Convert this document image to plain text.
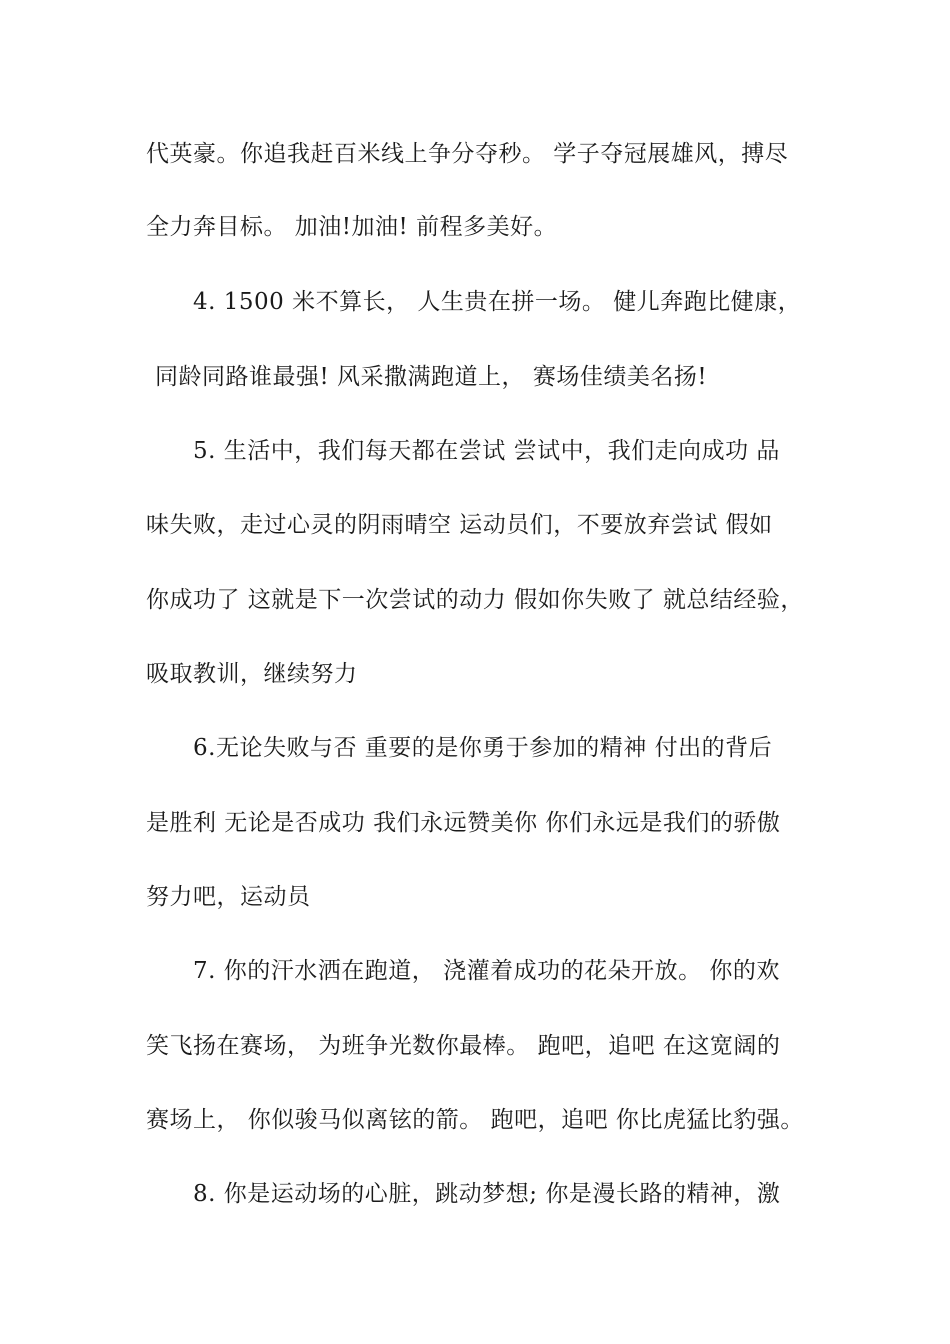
代英豪。你追我赶百米线上争分夺秒。 学子夺冠展雄风，搏尽
全力奔目标。 加油!加油! 前程多美好。
4. 1500 米不算长， 人生贵在拼一场。 健儿奔跑比健康，
同龄同路谁最强! 风采撒满跑道上， 赛场佳绩美名扬!
5. 生活中，我们每天都在尝试 尝试中，我们走向成功 品
味失败，走过心灵的阴雨晴空 运动员们，不要放弃尝试 假如
你成功了 这就是下一次尝试的动力 假如你失败了 就总结经验，
吸取教训，继续努力
6.无论失败与否 重要的是你勇于参加的精神 付出的背后
是胜利 无论是否成功 我们永远赞美你 你们永远是我们的骄傲
努力吧，运动员
7. 你的汗水洒在跑道， 浇灌着成功的花朵开放。 你的欢
笑飞扬在赛场， 为班争光数你最棒。 跑吧，追吧 在这宽阔的
赛场上， 你似骏马似离铉的箭。 跑吧，追吧 你比虎猛比豹强。
8. 你是运动场的心脏，跳动梦想; 你是漫长路的精神，激
